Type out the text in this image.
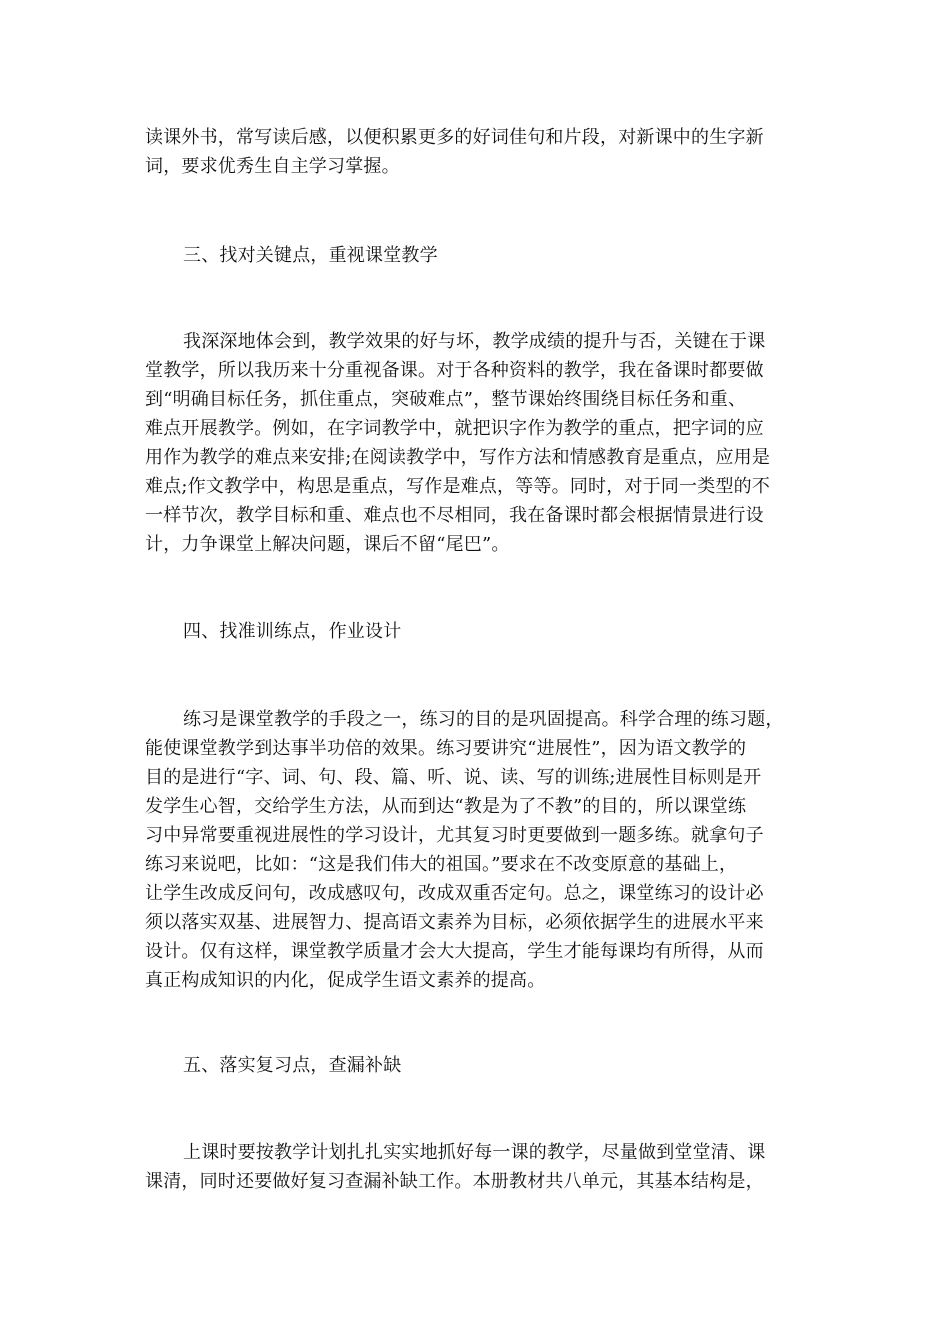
读课外书，常写读后感，以便积累更多的好词佳句和片段，对新课中的生字新
词，要求优秀生自主学习掌握。
三、找对关键点，重视课堂教学
我深深地体会到，教学效果的好与坏，教学成绩的提升与否，关键在于课
堂教学，所以我历来十分重视备课。对于各种资料的教学，我在备课时都要做
到“明确目标任务，抓住重点，突破难点”，整节课始终围绕目标任务和重、
难点开展教学。例如，在字词教学中，就把识字作为教学的重点，把字词的应
用作为教学的难点来安排;在阅读教学中，写作方法和情感教育是重点，应用是
难点;作文教学中，构思是重点，写作是难点，等等。同时，对于同一类型的不
一样节次，教学目标和重、难点也不尽相同，我在备课时都会根据情景进行设
计，力争课堂上解决问题，课后不留“尾巴”。
四、找准训练点，作业设计
练习是课堂教学的手段之一，练习的目的是巩固提高。科学合理的练习题，
能使课堂教学到达事半功倍的效果。练习要讲究“进展性”，因为语文教学的
目的是进行“字、词、句、段、篇、听、说、读、写的训练;进展性目标则是开
发学生心智，交给学生方法，从而到达“教是为了不教”的目的，所以课堂练
习中异常要重视进展性的学习设计，尤其复习时更要做到一题多练。就拿句子
练习来说吧，比如：“这是我们伟大的祖国。”要求在不改变原意的基础上，
让学生改成反问句，改成感叹句，改成双重否定句。总之，课堂练习的设计必
须以落实双基、进展智力、提高语文素养为目标，必须依据学生的进展水平来
设计。仅有这样，课堂教学质量才会大大提高，学生才能每课均有所得，从而
真正构成知识的内化，促成学生语文素养的提高。
五、落实复习点，查漏补缺
上课时要按教学计划扎扎实实地抓好每一课的教学，尽量做到堂堂清、课
课清，同时还要做好复习查漏补缺工作。本册教材共八单元，其基本结构是，
